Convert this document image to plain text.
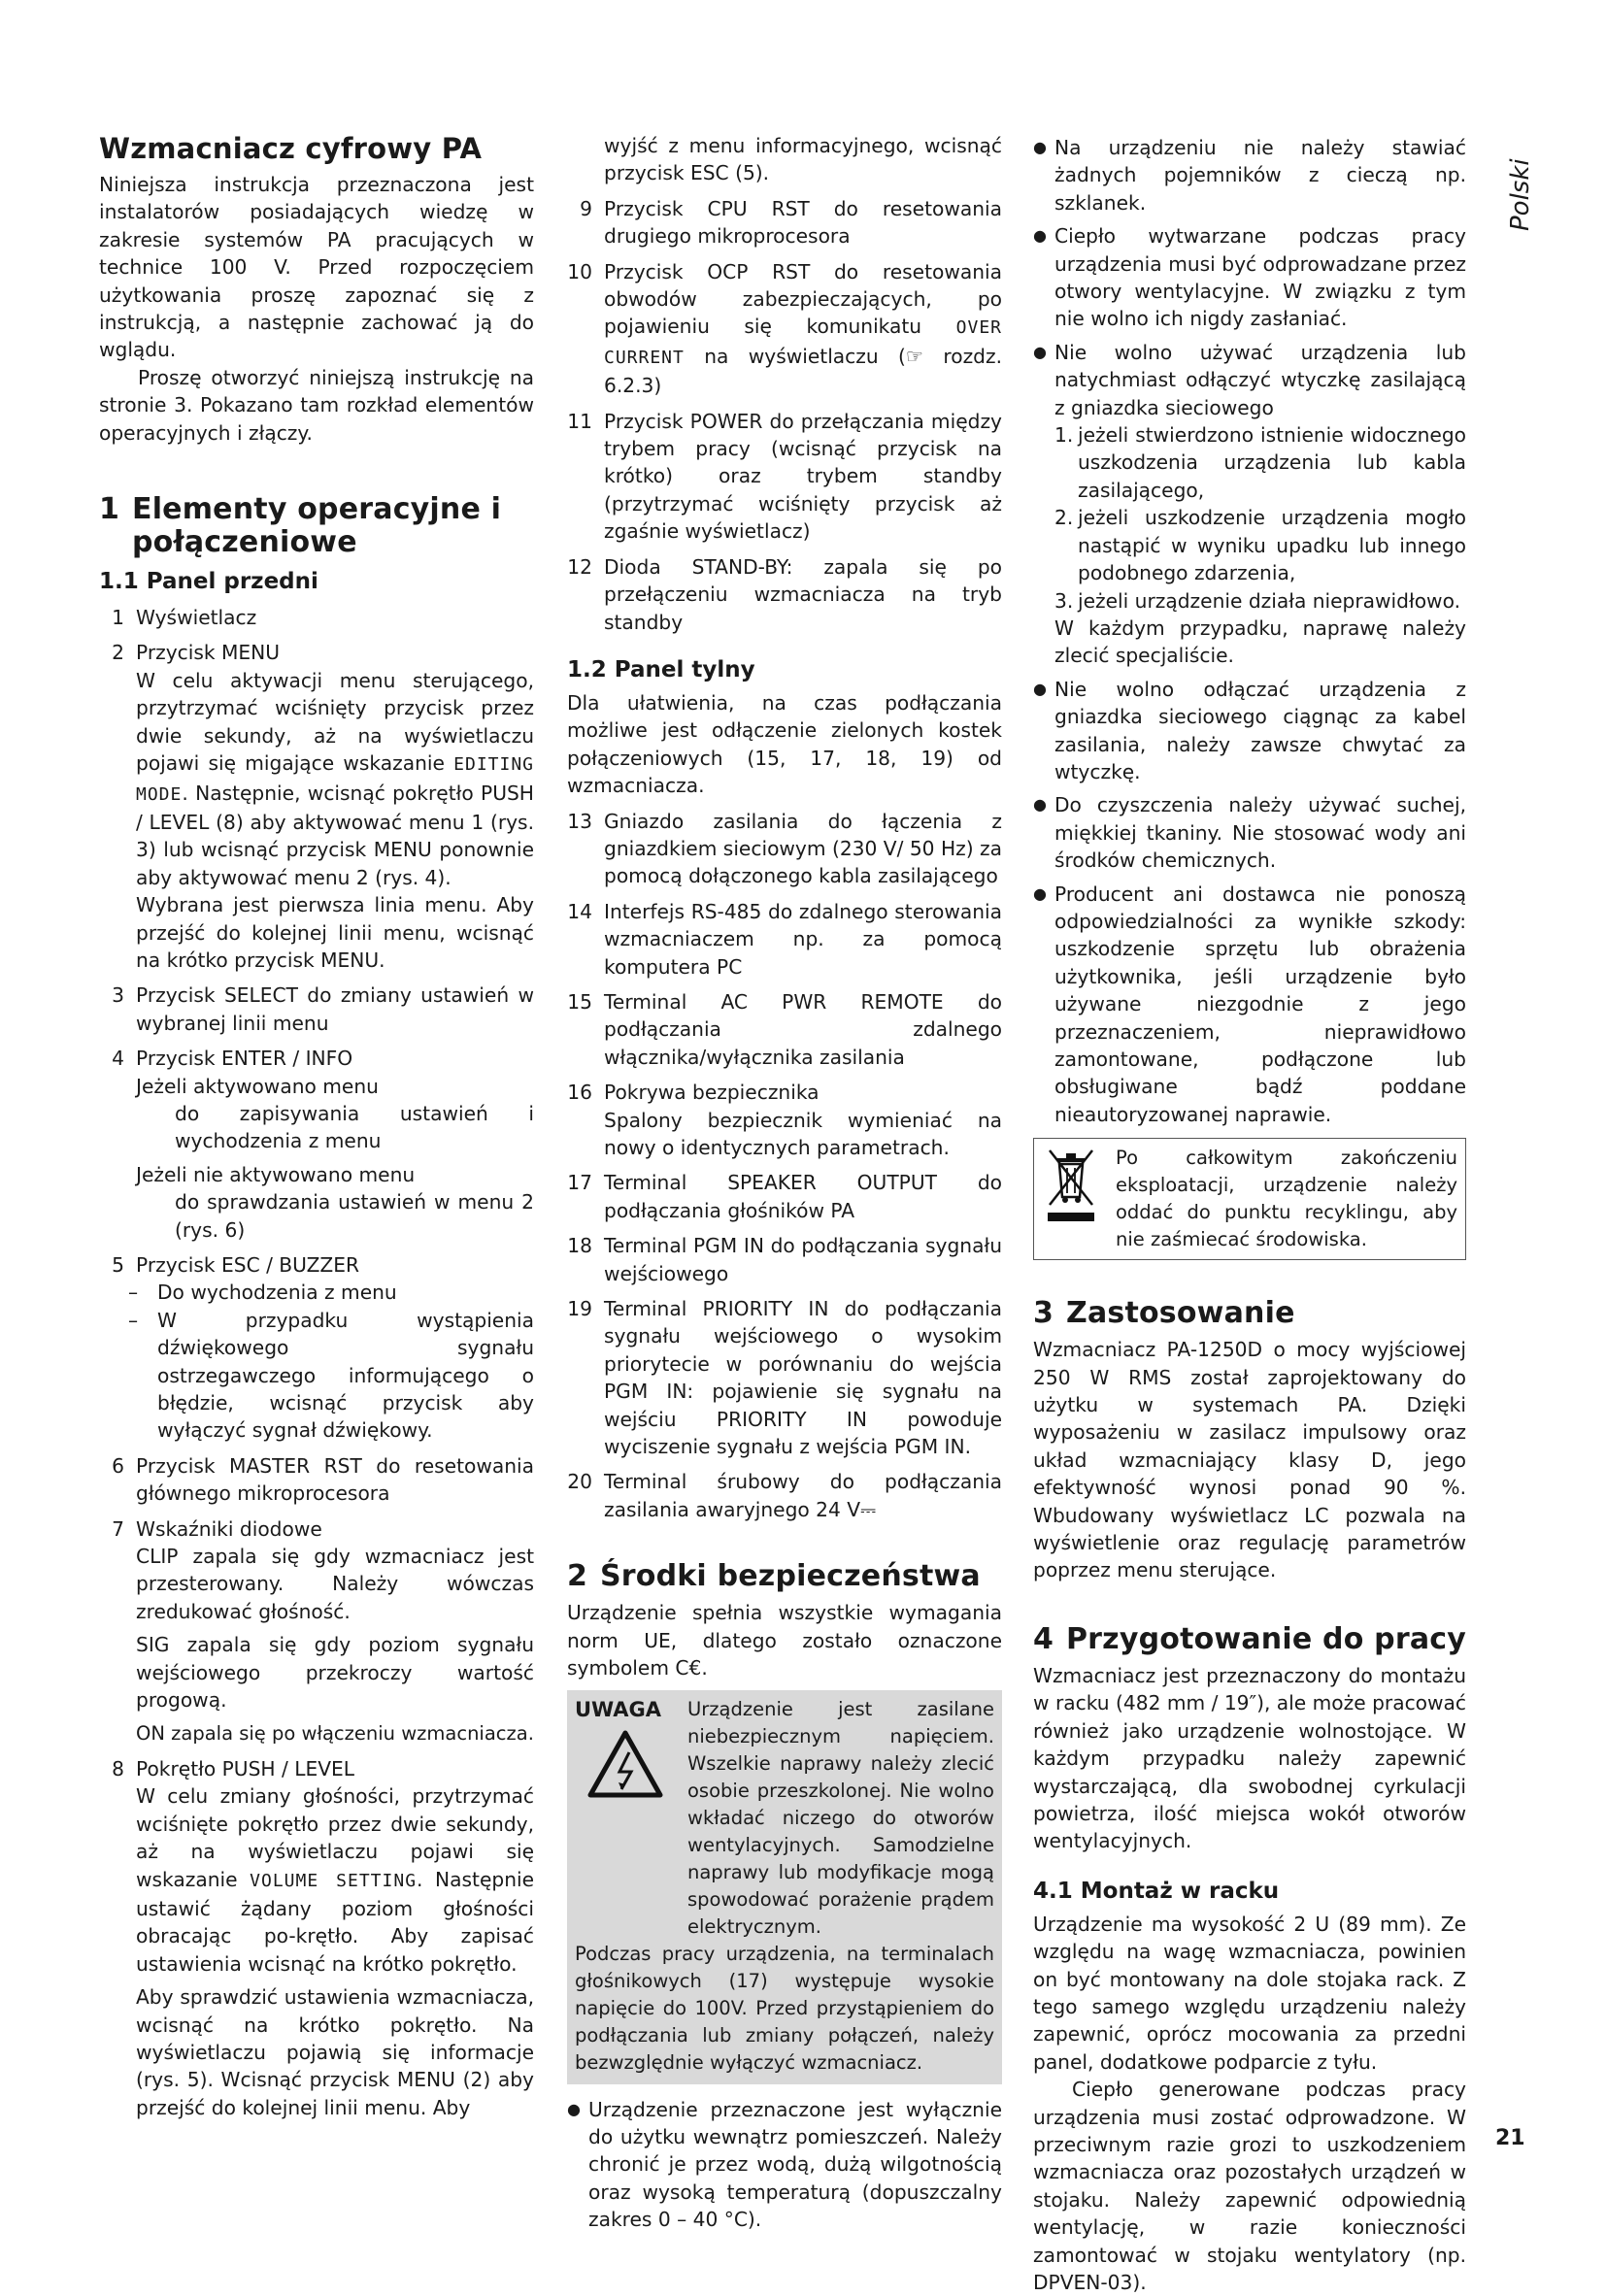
Polski
Wzmacniacz cyfrowy PA

Niniejsza instrukcja przeznaczona jest instalatorów posiadających wiedzę w zakresie systemów PA pracujących w technice 100 V. Przed rozpoczęciem użytkowania proszę zapoznać się z instrukcją, a następnie zachować ją do wglądu.

Proszę otworzyć niniejszą instrukcję na stronie 3. Pokazano tam rozkład elementów operacyjnych i złączy.

1 Elementy operacyjne i połączeniowe
1.1 Panel przedni
1 Wyświetlacz
2 Przycisk MENU

W celu aktywacji menu sterującego, przytrzymać wciśnięty przycisk przez dwie sekundy, aż na wyświetlaczu pojawi się migające wskazanie EDITING MODE. Następnie, wcisnąć pokrętło PUSH / LEVEL (8) aby aktywować menu 1 (rys. 3) lub wcisnąć przycisk MENU ponownie aby aktywować menu 2 (rys. 4).

Wybrana jest pierwsza linia menu. Aby przejść do kolejnej linii menu, wcisnąć na krótko przycisk MENU.

3 Przycisk SELECT do zmiany ustawień w wybranej linii menu
4 Przycisk ENTER / INFO

Jeżeli aktywowano menu

do zapisywania ustawień i wychodzenia z menu

Jeżeli nie aktywowano menu

do sprawdzania ustawień w menu 2 (rys. 6)

5 Przycisk ESC / BUZZER
– Do wychodzenia z menu
– W przypadku wystąpienia dźwiękowego sygnału ostrzegawczego informującego o błędzie, wcisnąć przycisk aby wyłączyć sygnał dźwiękowy.
6 Przycisk MASTER RST do resetowania głównego mikroprocesora
7 Wskaźniki diodowe

CLIP zapala się gdy wzmacniacz jest przesterowany. Należy wówczas zredukować głośność.

SIG zapala się gdy poziom sygnału wejściowego przekroczy wartość progową.

ON zapala się po włączeniu wzmacniacza.

8 Pokrętło PUSH / LEVEL

W celu zmiany głośności, przytrzymać wciśnięte pokrętło przez dwie sekundy, aż na wyświetlaczu pojawi się wskazanie VOLUME SETTING. Następnie ustawić żądany poziom głośności obracając po-krętło. Aby zapisać ustawienia wcisnąć na krótko pokrętło.

Aby sprawdzić ustawienia wzmacniacza, wcisnąć na krótko pokrętło. Na wyświetlaczu pojawią się informacje (rys. 5). Wcisnąć przycisk MENU (2) aby przejść do kolejnej linii menu. Aby

wyjść z menu informacyjnego, wcisnąć przycisk ESC (5).

9 Przycisk CPU RST do resetowania drugiego mikroprocesora
10 Przycisk OCP RST do resetowania obwodów zabezpieczających, po pojawieniu się komunikatu OVER CURRENT na wyświetlaczu (☞ rozdz. 6.2.3)
11 Przycisk POWER do przełączania między trybem pracy (wcisnąć przycisk na krótko) oraz trybem standby (przytrzymać wciśnięty przycisk aż zgaśnie wyświetlacz)
12 Dioda STAND-BY: zapala się po przełączeniu wzmacniacza na tryb standby
1.2 Panel tylny

Dla ułatwienia, na czas podłączania możliwe jest odłączenie zielonych kostek połączeniowych (15, 17, 18, 19) od wzmacniacza.

13 Gniazdo zasilania do łączenia z gniazdkiem sieciowym (230 V/ 50 Hz) za pomocą dołączonego kabla zasilającego
14 Interfejs RS-485 do zdalnego sterowania wzmacniaczem np. za pomocą komputera PC
15 Terminal AC PWR REMOTE do podłączania zdalnego włącznika/wyłącznika zasilania
16 Pokrywa bezpiecznika

Spalony bezpiecznik wymieniać na nowy o identycznych parametrach.

17 Terminal SPEAKER OUTPUT do podłączania głośników PA
18 Terminal PGM IN do podłączania sygnału wejściowego
19 Terminal PRIORITY IN do podłączania sygnału wejściowego o wysokim priorytecie w porównaniu do wejścia PGM IN: pojawienie się sygnału na wejściu PRIORITY IN powoduje wyciszenie sygnału z wejścia PGM IN.
20 Terminal śrubowy do podłączania zasilania awaryjnego 24 V⎓
2 Środki bezpieczeństwa

Urządzenie spełnia wszystkie wymagania norm UE, dlatego zostało oznaczone symbolem C€.

UWAGA	Urządzenie jest zasilane niebezpiecznym napięciem. Wszelkie naprawy należy zlecić osobie przeszkolonej. Nie wolno wkładać niczego do otworów wentylacyjnych. Samodzielne naprawy lub modyfikacje mogą spowodować porażenie prądem elektrycznym.

Podczas pracy urządzenia, na terminalach głośnikowych (17) występuje wysokie napięcie do 100V. Przed przystąpieniem do podłączania lub zmiany połączeń, należy bezwzględnie wyłączyć wzmacniacz.

● Urządzenie przeznaczone jest wyłącznie do użytku wewnątrz pomieszczeń. Należy chronić je przez wodą, dużą wilgotnością oraz wysoką temperaturą (dopuszczalny zakres 0 – 40 °C).
● Na urządzeniu nie należy stawiać żadnych pojemników z cieczą np. szklanek.
● Ciepło wytwarzane podczas pracy urządzenia musi być odprowadzane przez otwory wentylacyjne. W związku z tym nie wolno ich nigdy zasłaniać.
● Nie wolno używać urządzenia lub natychmiast odłączyć wtyczkę zasilającą z gniazdka sieciowego
1. jeżeli stwierdzono istnienie widocznego uszkodzenia urządzenia lub kabla zasilającego,
2. jeżeli uszkodzenie urządzenia mogło nastąpić w wyniku upadku lub innego podobnego zdarzenia,
3. jeżeli urządzenie działa nieprawidłowo.

W każdym przypadku, naprawę należy zlecić specjaliście.

● Nie wolno odłączać urządzenia z gniazdka sieciowego ciągnąc za kabel zasilania, należy zawsze chwytać za wtyczkę.
● Do czyszczenia należy używać suchej, miękkiej tkaniny. Nie stosować wody ani środków chemicznych.
● Producent ani dostawca nie ponoszą odpowiedzialności za wynikłe szkody: uszkodzenie sprzętu lub obrażenia użytkownika, jeśli urządzenie było używane niezgodnie z jego przeznaczeniem, nieprawidłowo zamontowane, podłączone lub obsługiwane bądź poddane nieautoryzowanej naprawie.
Po całkowitym zakończeniu eksploatacji, urządzenie należy oddać do punktu recyklingu, aby nie zaśmiecać środowiska.
3 Zastosowanie

Wzmacniacz PA-1250D o mocy wyjściowej 250 W RMS został zaprojektowany do użytku w systemach PA. Dzięki wyposażeniu w zasilacz impulsowy oraz układ wzmacniający klasy D, jego efektywność wynosi ponad 90 %. Wbudowany wyświetlacz LC pozwala na wyświetlenie oraz regulację parametrów poprzez menu sterujące.

4 Przygotowanie do pracy

Wzmacniacz jest przeznaczony do montażu w racku (482 mm / 19″), ale może pracować również jako urządzenie wolnostojące. W każdym przypadku należy zapewnić wystarczającą, dla swobodnej cyrkulacji powietrza, ilość miejsca wokół otworów wentylacyjnych.

4.1 Montaż w racku

Urządzenie ma wysokość 2 U (89 mm). Ze względu na wagę wzmacniacza, powinien on być montowany na dole stojaka rack. Z tego samego względu urządzeniu należy zapewnić, oprócz mocowania za przedni panel, dodatkowe podparcie z tyłu.

Ciepło generowane podczas pracy urządzenia musi zostać odprowadzone. W przeciwnym razie grozi to uszkodzeniem wzmacniacza oraz pozostałych urządzeń w stojaku. Należy zapewnić odpowiednią wentylację, w razie konieczności zamontować w stojaku wentylatory (np. DPVEN-03).

21
